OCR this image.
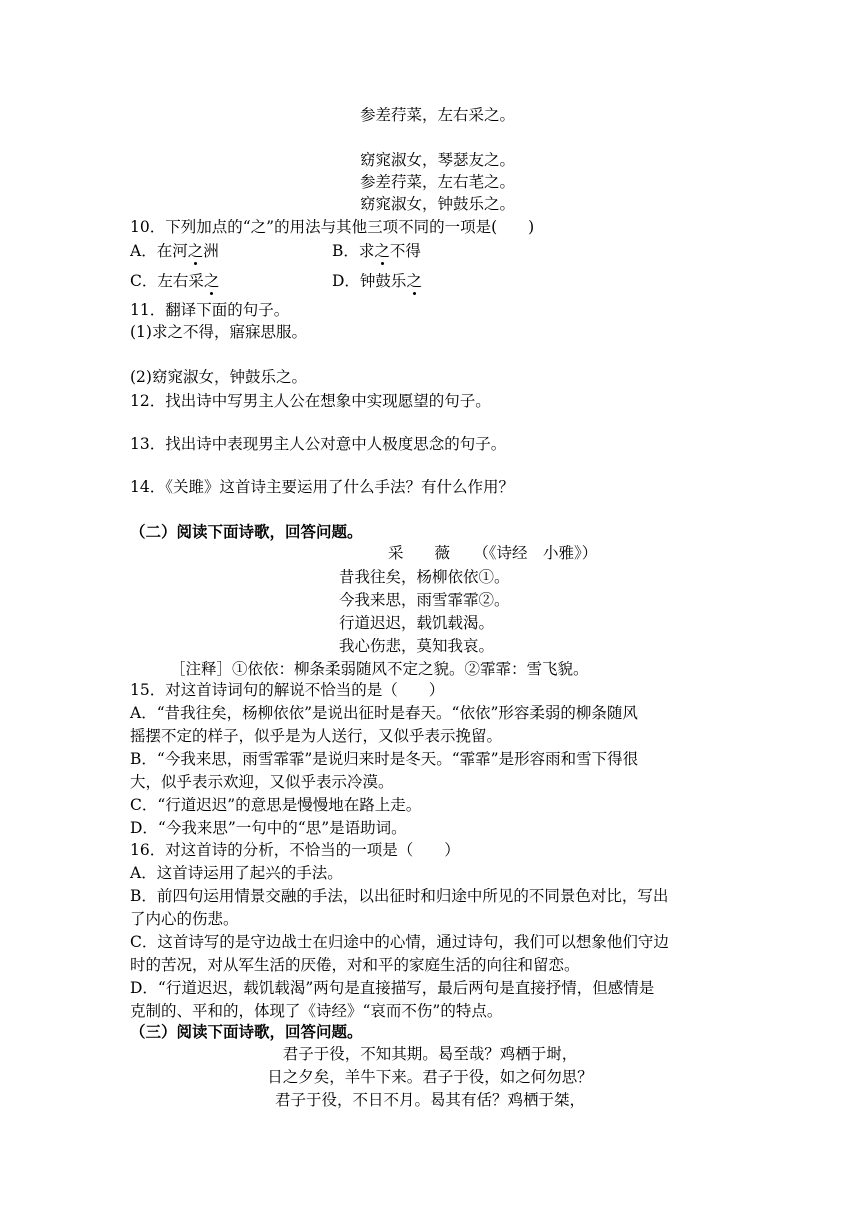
参差荇菜，左右采之。
窈窕淑女，琴瑟友之。
参差荇菜，左右芼之。
窈窕淑女，钟鼓乐之。
10．下列加点的“之”的用法与其他三项不同的一项是(　　)
A．在河之洲	B．求之不得
C．左右采之	D．钟鼓乐之
11．翻译下面的句子。
(1)求之不得，寤寐思服。
(2)窈窕淑女，钟鼓乐之。
12．找出诗中写男主人公在想象中实现愿望的句子。
13．找出诗中表现男主人公对意中人极度思念的句子。
14．《关雎》这首诗主要运用了什么手法？有什么作用？
（二）阅读下面诗歌，回答问题。
采　　薇　　（《诗经　小雅》）
昔我往矣，杨柳依依①。
今我来思，雨雪霏霏②。
行道迟迟，载饥载渴。
我心伤悲，莫知我哀。
［注释］①依依：柳条柔弱随风不定之貌。②霏霏：雪飞貌。
15．对这首诗词句的解说不恰当的是（　　）
A．“昔我往矣，杨柳依依”是说出征时是春天。“依依”形容柔弱的柳条随风
摇摆不定的样子，似乎是为人送行，又似乎表示挽留。
B．“今我来思，雨雪霏霏”是说归来时是冬天。“霏霏”是形容雨和雪下得很
大，似乎表示欢迎，又似乎表示冷漠。
C．“行道迟迟”的意思是慢慢地在路上走。
D．“今我来思”一句中的“思”是语助词。
16．对这首诗的分析，不恰当的一项是（　　）
A．这首诗运用了起兴的手法。
B．前四句运用情景交融的手法，以出征时和归途中所见的不同景色对比，写出
了内心的伤悲。
C．这首诗写的是守边战士在归途中的心情，通过诗句，我们可以想象他们守边
时的苦况，对从军生活的厌倦，对和平的家庭生活的向往和留恋。
D．“行道迟迟，载饥载渴”两句是直接描写，最后两句是直接抒情，但感情是
克制的、平和的，体现了《诗经》“哀而不伤”的特点。
（三）阅读下面诗歌，回答问题。
君子于役，不知其期。曷至哉？鸡栖于埘，
日之夕矣，羊牛下来。君子于役，如之何勿思？
君子于役，不日不月。曷其有佸？鸡栖于桀，
